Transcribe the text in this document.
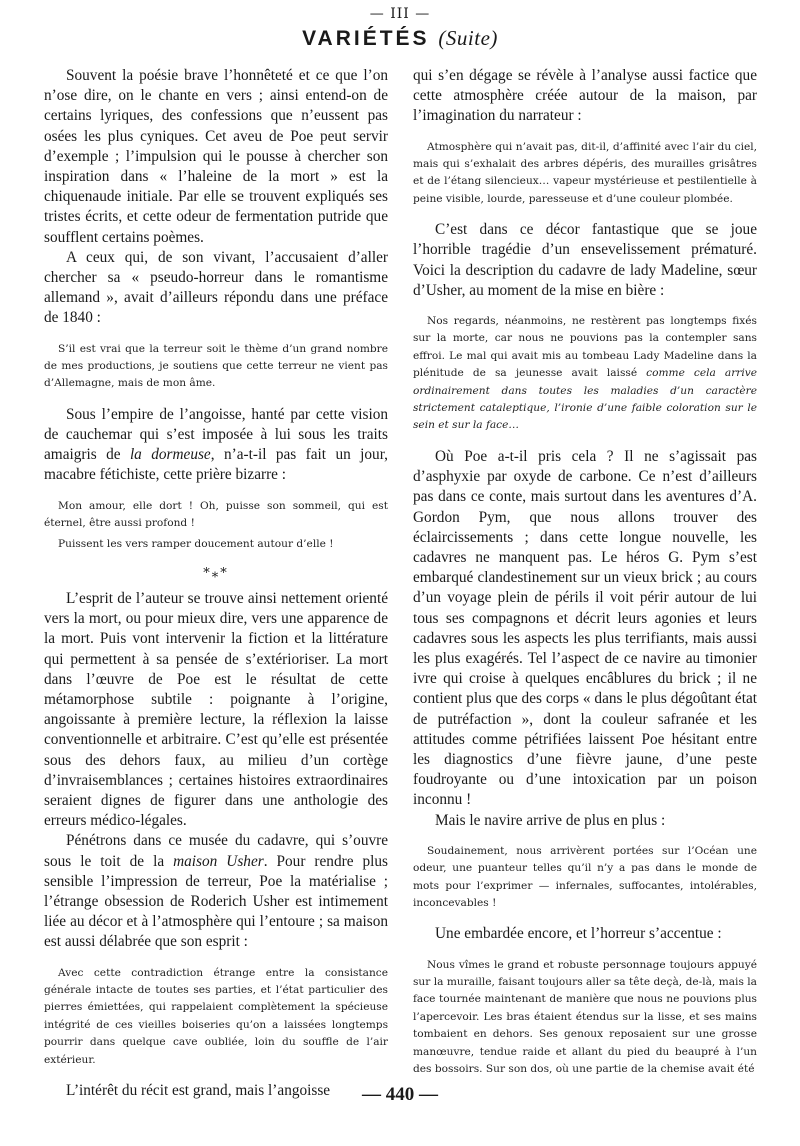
— III —
VARIÉTÉS (Suite)

Souvent la poésie brave l’honnêteté et ce que l’on n’ose dire, on le chante en vers ; ainsi entend-on de certains lyriques, des confessions que n’eussent pas osées les plus cyniques. Cet aveu de Poe peut servir d’exemple ; l’impulsion qui le pousse à chercher son inspiration dans « l’haleine de la mort » est la chiquenaude initiale. Par elle se trouvent expliqués ses tristes écrits, et cette odeur de fermentation putride que soufflent certains poèmes.

A ceux qui, de son vivant, l’accusaient d’aller chercher sa « pseudo-horreur dans le romantisme allemand », avait d’ailleurs répondu dans une préface de 1840 :

S’il est vrai que la terreur soit le thème d’un grand nombre de mes productions, je soutiens que cette terreur ne vient pas d’Allemagne, mais de mon âme.

Sous l’empire de l’angoisse, hanté par cette vision de cauchemar qui s’est imposée à lui sous les traits amaigris de la dormeuse, n’a-t-il pas fait un jour, macabre fétichiste, cette prière bizarre :

Mon amour, elle dort ! Oh, puisse son sommeil, qui est éternel, être aussi profond !

Puissent les vers ramper doucement autour d’elle !

*⁎*

L’esprit de l’auteur se trouve ainsi nettement orienté vers la mort, ou pour mieux dire, vers une apparence de la mort. Puis vont intervenir la fiction et la littérature qui permettent à sa pensée de s’extérioriser. La mort dans l’œuvre de Poe est le résultat de cette métamorphose subtile : poignante à l’origine, angoissante à première lecture, la réflexion la laisse conventionnelle et arbitraire. C’est qu’elle est présentée sous des dehors faux, au milieu d’un cortège d’invraisemblances ; certaines histoires extraordinaires seraient dignes de figurer dans une anthologie des erreurs médico-légales.

Pénétrons dans ce musée du cadavre, qui s’ouvre sous le toit de la maison Usher. Pour rendre plus sensible l’impression de terreur, Poe la matérialise ; l’étrange obsession de Roderich Usher est intimement liée au décor et à l’atmosphère qui l’entoure ; sa maison est aussi délabrée que son esprit :

Avec cette contradiction étrange entre la consistance générale intacte de toutes ses parties, et l’état particulier des pierres émiettées, qui rappelaient complètement la spécieuse intégrité de ces vieilles boiseries qu’on a laissées longtemps pourrir dans quelque cave oubliée, loin du souffle de l’air extérieur.

L’intérêt du récit est grand, mais l’angoisse

qui s’en dégage se révèle à l’analyse aussi factice que cette atmosphère créée autour de la maison, par l’imagination du narrateur :

Atmosphère qui n’avait pas, dit-il, d’affinité avec l’air du ciel, mais qui s’exhalait des arbres dépéris, des murailles grisâtres et de l’étang silencieux… vapeur mystérieuse et pestilentielle à peine visible, lourde, paresseuse et d’une couleur plombée.

C’est dans ce décor fantastique que se joue l’horrible tragédie d’un ensevelissement prématuré. Voici la description du cadavre de lady Madeline, sœur d’Usher, au moment de la mise en bière :

Nos regards, néanmoins, ne restèrent pas longtemps fixés sur la morte, car nous ne pouvions pas la contempler sans effroi. Le mal qui avait mis au tombeau Lady Madeline dans la plénitude de sa jeunesse avait laissé comme cela arrive ordinairement dans toutes les maladies d’un caractère strictement cataleptique, l’ironie d’une faible coloration sur le sein et sur la face…

Où Poe a-t-il pris cela ? Il ne s’agissait pas d’asphyxie par oxyde de carbone. Ce n’est d’ailleurs pas dans ce conte, mais surtout dans les aventures d’A. Gordon Pym, que nous allons trouver des éclaircissements ; dans cette longue nouvelle, les cadavres ne manquent pas. Le héros G. Pym s’est embarqué clandestinement sur un vieux brick ; au cours d’un voyage plein de périls il voit périr autour de lui tous ses compagnons et décrit leurs agonies et leurs cadavres sous les aspects les plus terrifiants, mais aussi les plus exagérés. Tel l’aspect de ce navire au timonier ivre qui croise à quelques encâblures du brick ; il ne contient plus que des corps « dans le plus dégoûtant état de putréfaction », dont la couleur safranée et les attitudes comme pétrifiées laissent Poe hésitant entre les diagnostics d’une fièvre jaune, d’une peste foudroyante ou d’une intoxication par un poison inconnu !

Mais le navire arrive de plus en plus :

Soudainement, nous arrivèrent portées sur l’Océan une odeur, une puanteur telles qu’il n’y a pas dans le monde de mots pour l’exprimer — infernales, suffocantes, intolérables, inconcevables !

Une embardée encore, et l’horreur s’accentue :

Nous vîmes le grand et robuste personnage toujours appuyé sur la muraille, faisant toujours aller sa tête deçà, de-là, mais la face tournée maintenant de manière que nous ne pouvions plus l’apercevoir. Les bras étaient étendus sur la lisse, et ses mains tombaient en dehors. Ses genoux reposaient sur une grosse manœuvre, tendue raide et allant du pied du beaupré à l’un des bossoirs. Sur son dos, où une partie de la chemise avait été

— 440 —
